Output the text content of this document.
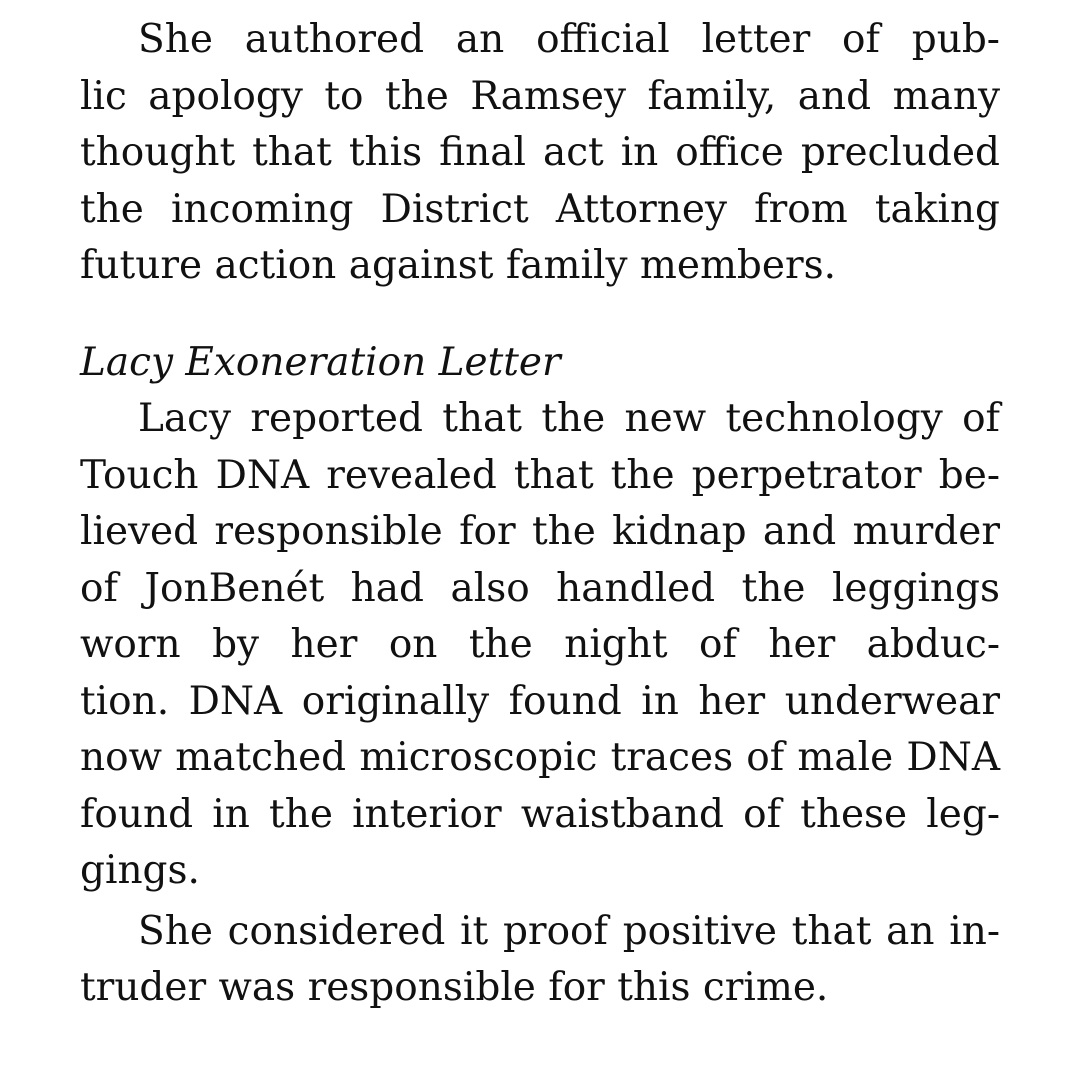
She authored an official letter of pub-
lic apology to the Ramsey family, and many
thought that this final act in office precluded
the incoming District Attorney from taking
future action against family members.
Lacy Exoneration Letter
Lacy reported that the new technology of
Touch DNA revealed that the perpetrator be-
lieved responsible for the kidnap and murder
of JonBenét had also handled the leggings
worn by her on the night of her abduc-
tion. DNA originally found in her underwear
now matched microscopic traces of male DNA
found in the interior waistband of these leg-
gings.
She considered it proof positive that an in-
truder was responsible for this crime.
